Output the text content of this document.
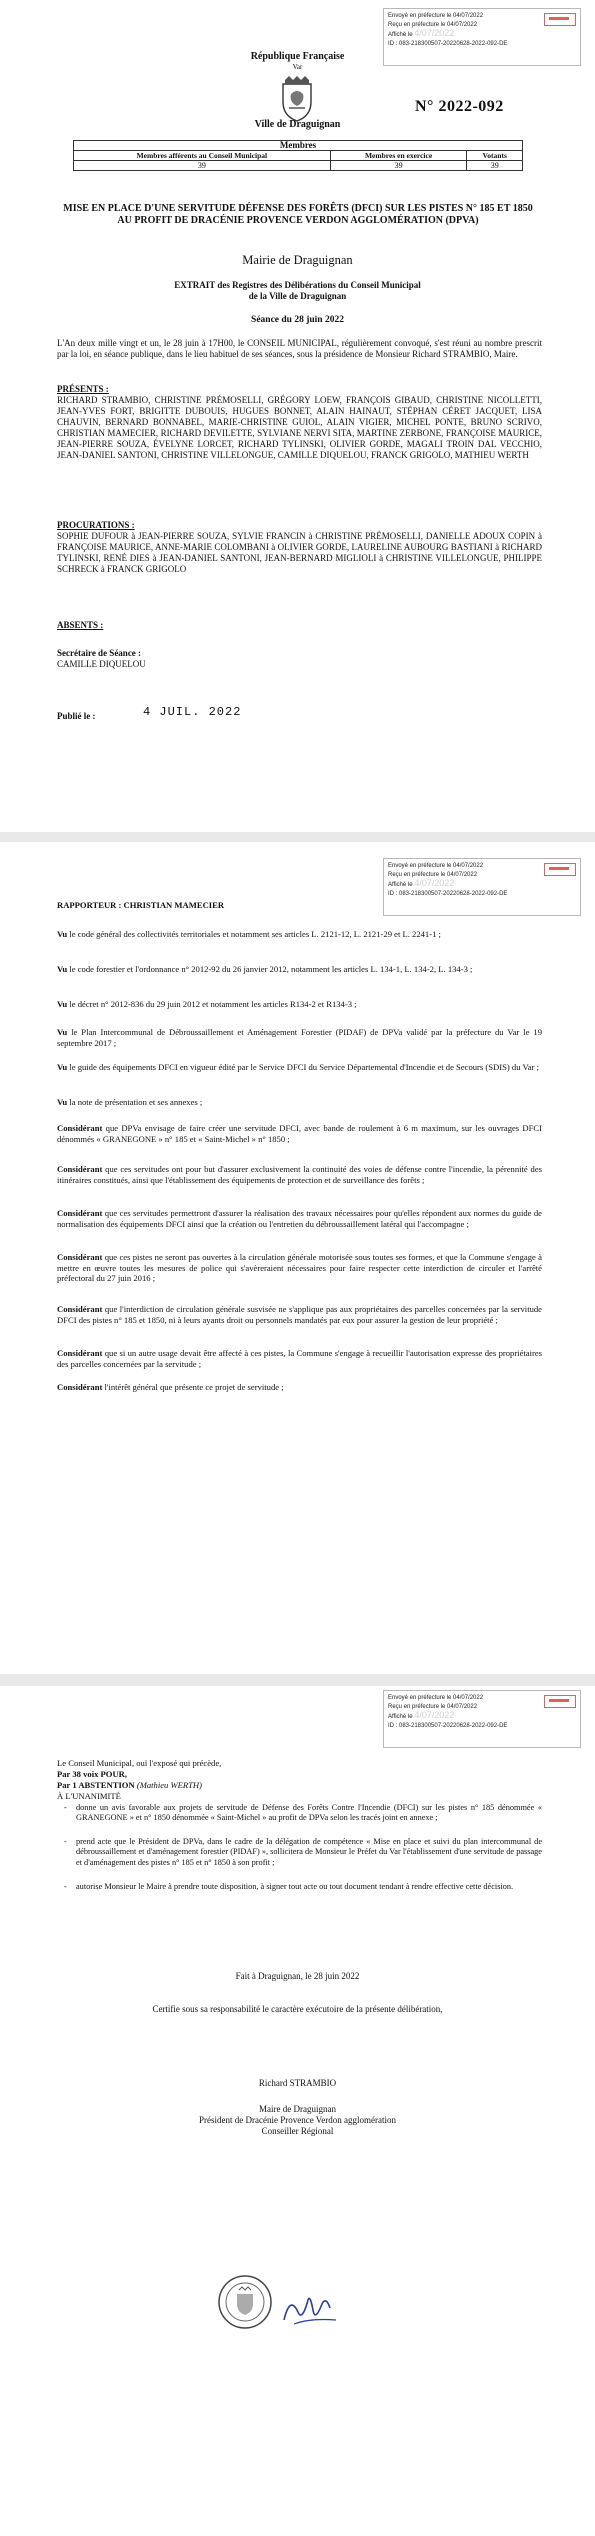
Envoyé en préfecture le 04/07/2022
Reçu en préfecture le 04/07/2022
Affiché le 4/07/2022
ID : 083-218300507-20220628-2022-092-DE
République Française
Var
Ville de Draguignan
N° 2022-092
Membres		
Membres afférents au Conseil Municipal	Membres en exercice	Votants
39	39	39
MISE EN PLACE D'UNE SERVITUDE DÉFENSE DES FORÊTS (DFCI) SUR LES PISTES N° 185 ET 1850 AU PROFIT DE DRACÉNIE PROVENCE VERDON AGGLOMÉRATION (DPVA)
Mairie de Draguignan
EXTRAIT des Registres des Délibérations du Conseil Municipal
de la Ville de Draguignan
Séance du 28 juin 2022
L'An deux mille vingt et un, le 28 juin à 17H00, le CONSEIL MUNICIPAL, régulièrement convoqué, s'est réuni au nombre prescrit par la loi, en séance publique, dans le lieu habituel de ses séances, sous la présidence de Monsieur Richard STRAMBIO, Maire.
PRÉSENTS :
RICHARD STRAMBIO, CHRISTINE PRÉMOSELLI, GRÉGORY LOEW, FRANÇOIS GIBAUD, CHRISTINE NICOLLETTI, JEAN-YVES FORT, BRIGITTE DUBOUIS, HUGUES BONNET, ALAIN HAINAUT, STÉPHAN CÉRET JACQUET, LISA CHAUVIN, BERNARD BONNABEL, MARIE-CHRISTINE GUIOL, ALAIN VIGIER, MICHEL PONTE, BRUNO SCRIVO, CHRISTIAN MAMECIER, RICHARD DEVILETTE, SYLVIANE NERVI SITA, MARTINE ZERBONE, FRANÇOISE MAURICE, JEAN-PIERRE SOUZA, ÉVELYNE LORCET, RICHARD TYLINSKI, OLIVIER GORDE, MAGALI TROIN DAL VECCHIO, JEAN-DANIEL SANTONI, CHRISTINE VILLELONGUE, CAMILLE DIQUELOU, FRANCK GRIGOLO, MATHIEU WERTH
PROCURATIONS :
SOPHIE DUFOUR à JEAN-PIERRE SOUZA, SYLVIE FRANCIN à CHRISTINE PRÉMOSELLI, DANIELLE ADOUX COPIN à FRANÇOISE MAURICE, ANNE-MARIE COLOMBANI à OLIVIER GORDE, LAURELINE AUBOURG BASTIANI à RICHARD TYLINSKI, RENÉ DIES à JEAN-DANIEL SANTONI, JEAN-BERNARD MIGLIOLI à CHRISTINE VILLELONGUE, PHILIPPE SCHRECK à FRANCK GRIGOLO
ABSENTS :
Secrétaire de Séance :
CAMILLE DIQUELOU
Publié le :	4 JUIL. 2022
Envoyé en préfecture le 04/07/2022
Reçu en préfecture le 04/07/2022
Affiché le 4/07/2022
ID : 083-218300507-20220628-2022-092-DE
RAPPORTEUR : CHRISTIAN MAMECIER
Vu le code général des collectivités territoriales et notamment ses articles L. 2121-12, L. 2121-29 et L. 2241-1 ;
Vu le code forestier et l'ordonnance n° 2012-92 du 26 janvier 2012, notamment les articles L. 134-1, L. 134-2, L. 134-3 ;
Vu le décret n° 2012-836 du 29 juin 2012 et notamment les articles R134-2 et R134-3 ;
Vu le Plan Intercommunal de Débroussaillement et Aménagement Forestier (PIDAF) de DPVa validé par la préfecture du Var le 19 septembre 2017 ;
Vu le guide des équipements DFCI en vigueur édité par le Service DFCI du Service Départemental d'Incendie et de Secours (SDIS) du Var ;
Vu la note de présentation et ses annexes ;
Considérant que DPVa envisage de faire créer une servitude DFCI, avec bande de roulement à 6 m maximum, sur les ouvrages DFCI dénommés « GRANEGONE » n° 185 et « Saint-Michel » n° 1850 ;
Considérant que ces servitudes ont pour but d'assurer exclusivement la continuité des voies de défense contre l'incendie, la pérennité des itinéraires constitués, ainsi que l'établissement des équipements de protection et de surveillance des forêts ;
Considérant que ces servitudes permettront d'assurer la réalisation des travaux nécessaires pour qu'elles répondent aux normes du guide de normalisation des équipements DFCI ainsi que la création ou l'entretien du débroussaillement latéral qui l'accompagne ;
Considérant que ces pistes ne seront pas ouvertes à la circulation générale motorisée sous toutes ses formes, et que la Commune s'engage à mettre en œuvre toutes les mesures de police qui s'avèreraient nécessaires pour faire respecter cette interdiction de circuler et l'arrêté préfectoral du 27 juin 2016 ;
Considérant que l'interdiction de circulation générale susvisée ne s'applique pas aux propriétaires des parcelles concernées par la servitude DFCI des pistes n° 185 et 1850, ni à leurs ayants droit ou personnels mandatés par eux pour assurer la gestion de leur propriété ;
Considérant que si un autre usage devait être affecté à ces pistes, la Commune s'engage à recueillir l'autorisation expresse des propriétaires des parcelles concernées par la servitude ;
Considérant l'intérêt général que présente ce projet de servitude ;
Envoyé en préfecture le 04/07/2022
Reçu en préfecture le 04/07/2022
Affiché le 4/07/2022
ID : 083-218300507-20220628-2022-092-DE
Le Conseil Municipal, ouï l'exposé qui précède,
Par 38 voix POUR,
Par 1 ABSTENTION (Mathieu WERTH)
À L'UNANIMITÉ
-	donne un avis favorable aux projets de servitude de Défense des Forêts Contre l'Incendie (DFCI) sur les pistes n° 185 dénommée « GRANEGONE » et n° 1850 dénommée « Saint-Michel » au profit de DPVa selon les tracés joint en annexe ;
-	prend acte que le Président de DPVa, dans le cadre de la délégation de compétence « Mise en place et suivi du plan intercommunal de débroussaillement et d'aménagement forestier (PIDAF) », sollicitera de Monsieur le Préfet du Var l'établissement d'une servitude de passage et d'aménagement des pistes n° 185 et n° 1850 à son profit ;
-	autorise Monsieur le Maire à prendre toute disposition, à signer tout acte ou tout document tendant à rendre effective cette décision.
Fait à Draguignan, le 28 juin 2022
Certifie sous sa responsabilité le caractère exécutoire de la présente délibération,
Richard STRAMBIO
Maire de Draguignan
Président de Dracénie Provence Verdon agglomération
Conseiller Régional
